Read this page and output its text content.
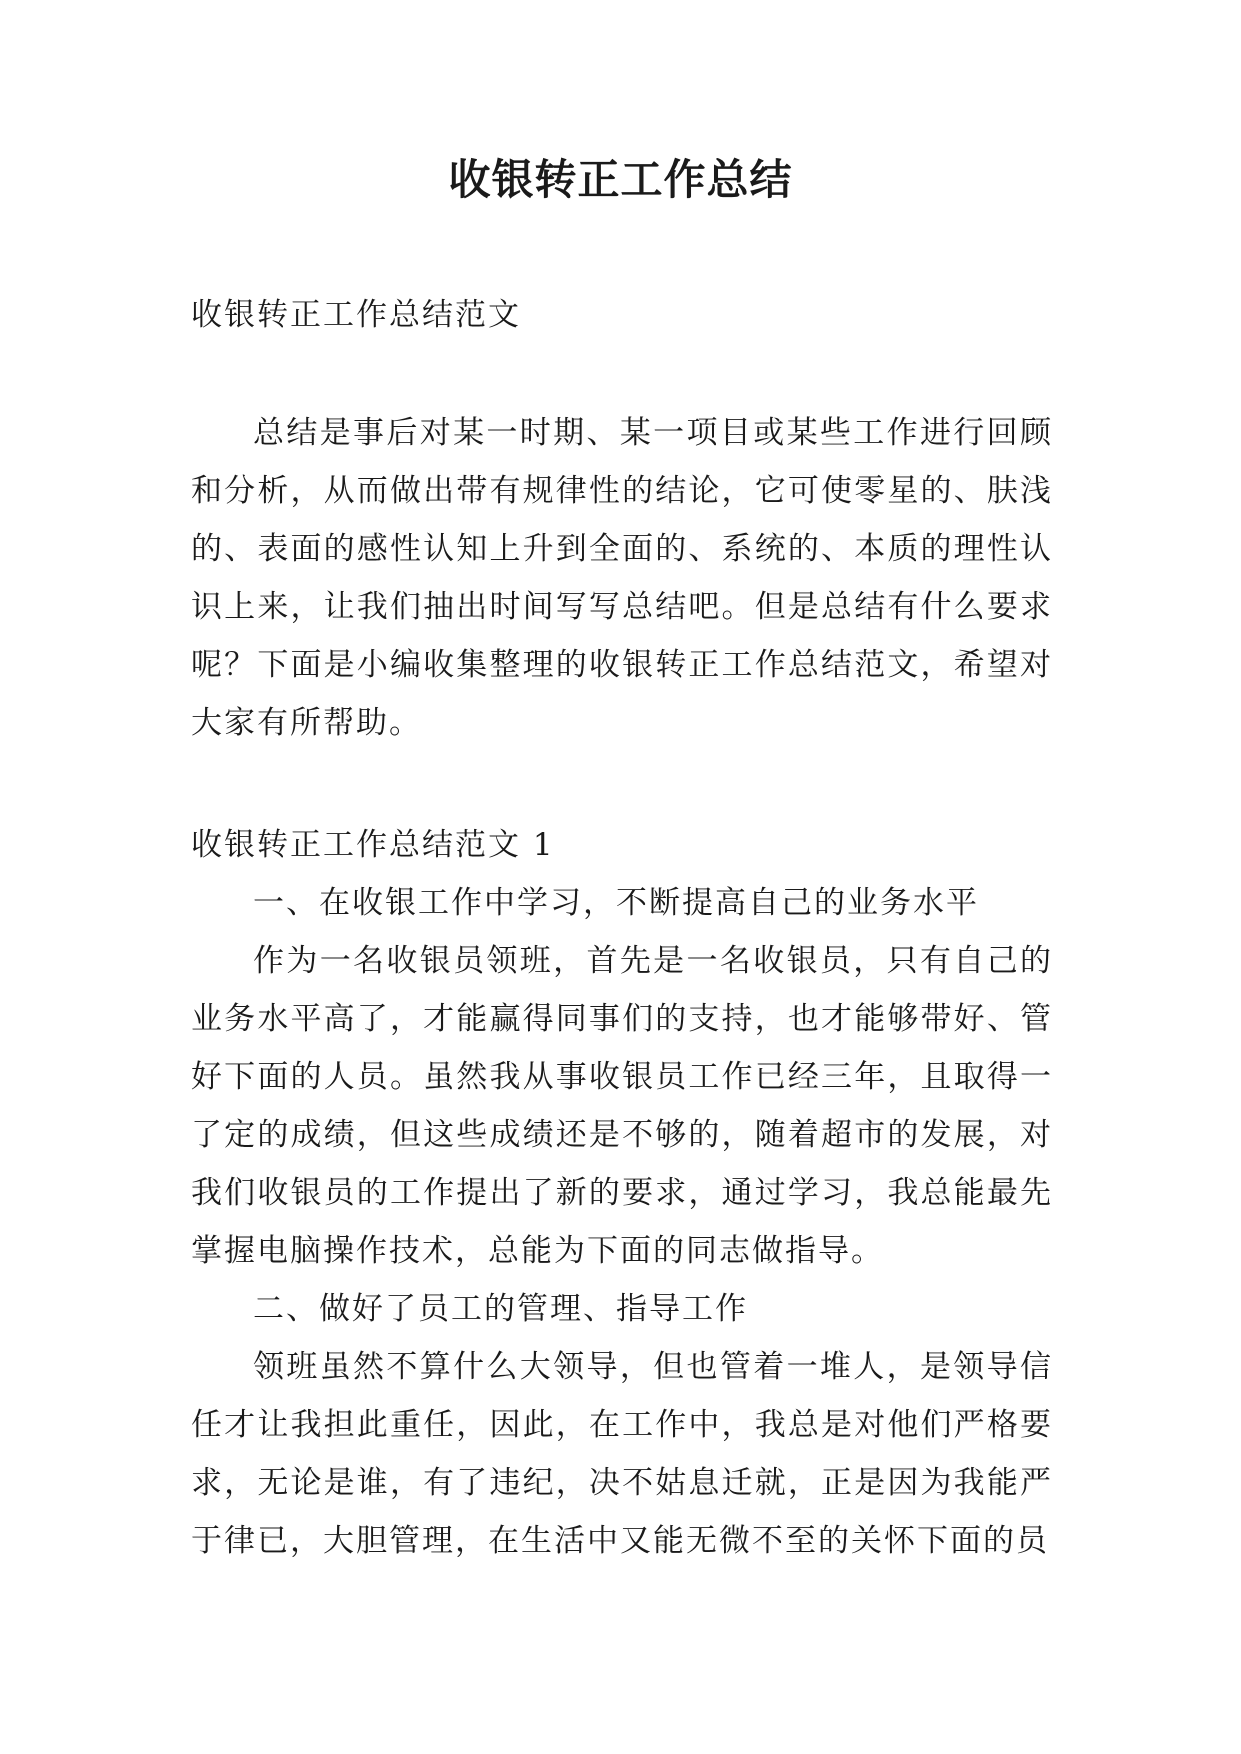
收银转正工作总结
收银转正工作总结范文

总结是事后对某一时期、某一项目或某些工作进行回顾和分析，从而做出带有规律性的结论，它可使零星的、肤浅的、表面的感性认知上升到全面的、系统的、本质的理性认识上来，让我们抽出时间写写总结吧。但是总结有什么要求呢？下面是小编收集整理的收银转正工作总结范文，希望对大家有所帮助。

收银转正工作总结范文 1

一、在收银工作中学习，不断提高自己的业务水平

作为一名收银员领班，首先是一名收银员，只有自己的业务水平高了，才能赢得同事们的支持，也才能够带好、管好下面的人员。虽然我从事收银员工作已经三年，且取得一了定的成绩，但这些成绩还是不够的，随着超市的发展，对我们收银员的工作提出了新的要求，通过学习，我总能最先掌握电脑操作技术，总能为下面的同志做指导。

二、做好了员工的管理、指导工作

领班虽然不算什么大领导，但也管着一堆人，是领导信任才让我担此重任，因此，在工作中，我总是对他们严格要求，无论是谁，有了违纪，决不姑息迁就，正是因为我能严于律已，大胆管理，在生活中又能无微不至的关怀下面的员
